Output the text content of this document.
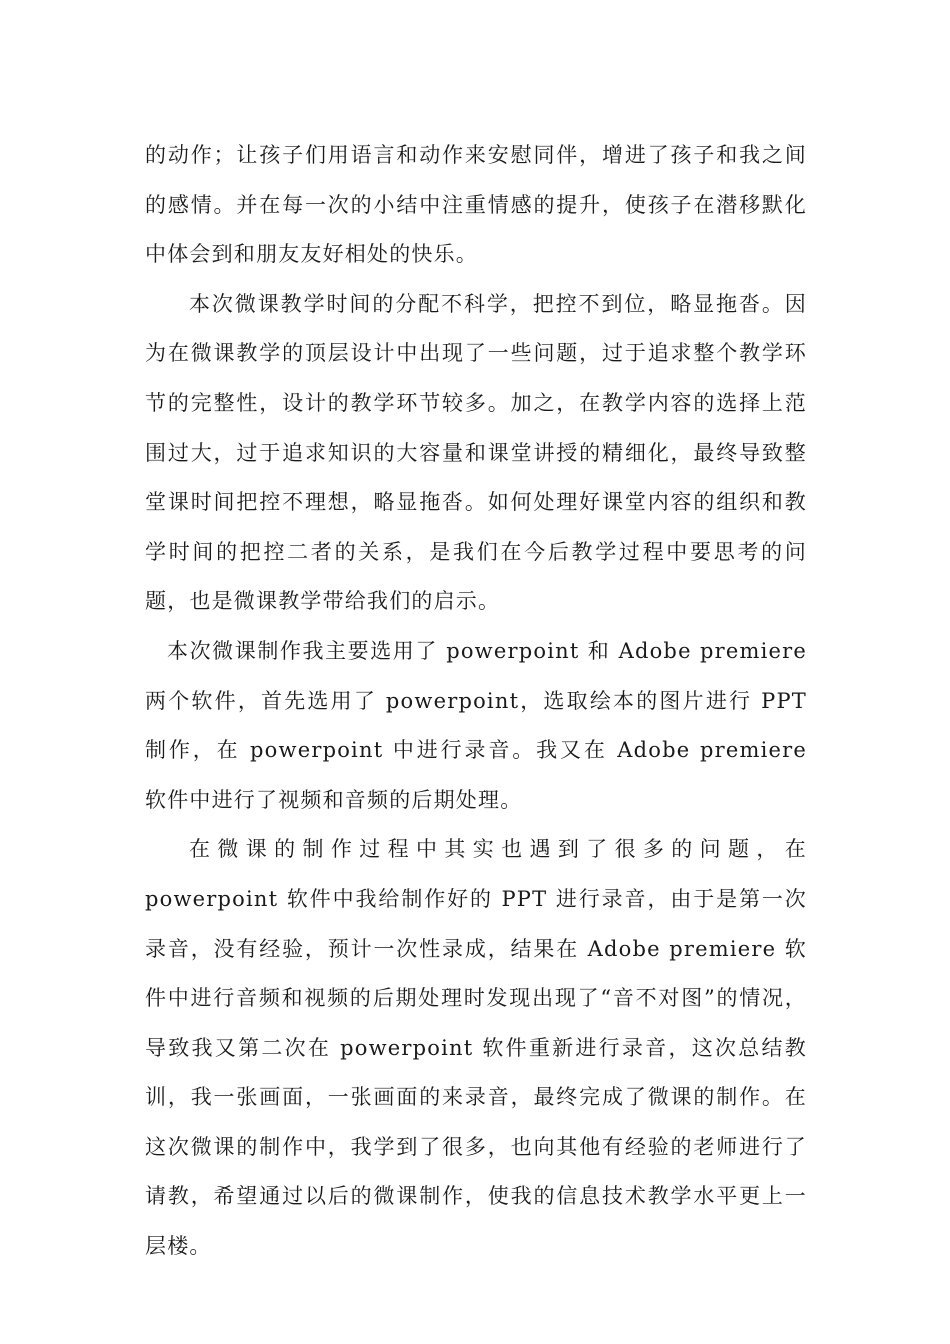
的动作；让孩子们用语言和动作来安慰同伴，增进了孩子和我之间的感情。并在每一次的小结中注重情感的提升，使孩子在潜移默化中体会到和朋友友好相处的快乐。

本次微课教学时间的分配不科学，把控不到位，略显拖沓。因为在微课教学的顶层设计中出现了一些问题，过于追求整个教学环节的完整性，设计的教学环节较多。加之，在教学内容的选择上范围过大，过于追求知识的大容量和课堂讲授的精细化，最终导致整堂课时间把控不理想，略显拖沓。如何处理好课堂内容的组织和教学时间的把控二者的关系，是我们在今后教学过程中要思考的问题，也是微课教学带给我们的启示。

本次微课制作我主要选用了 powerpoint 和 Adobe premiere 两个软件，首先选用了 powerpoint，选取绘本的图片进行 PPT 制作，在 powerpoint 中进行录音。我又在 Adobe premiere 软件中进行了视频和音频的后期处理。

在微课的制作过程中其实也遇到了很多的问题，在 powerpoint 软件中我给制作好的 PPT 进行录音，由于是第一次录音，没有经验，预计一次性录成，结果在 Adobe premiere 软件中进行音频和视频的后期处理时发现出现了“音不对图”的情况，导致我又第二次在 powerpoint 软件重新进行录音，这次总结教训，我一张画面，一张画面的来录音，最终完成了微课的制作。在这次微课的制作中，我学到了很多，也向其他有经验的老师进行了请教，希望通过以后的微课制作，使我的信息技术教学水平更上一层楼。
